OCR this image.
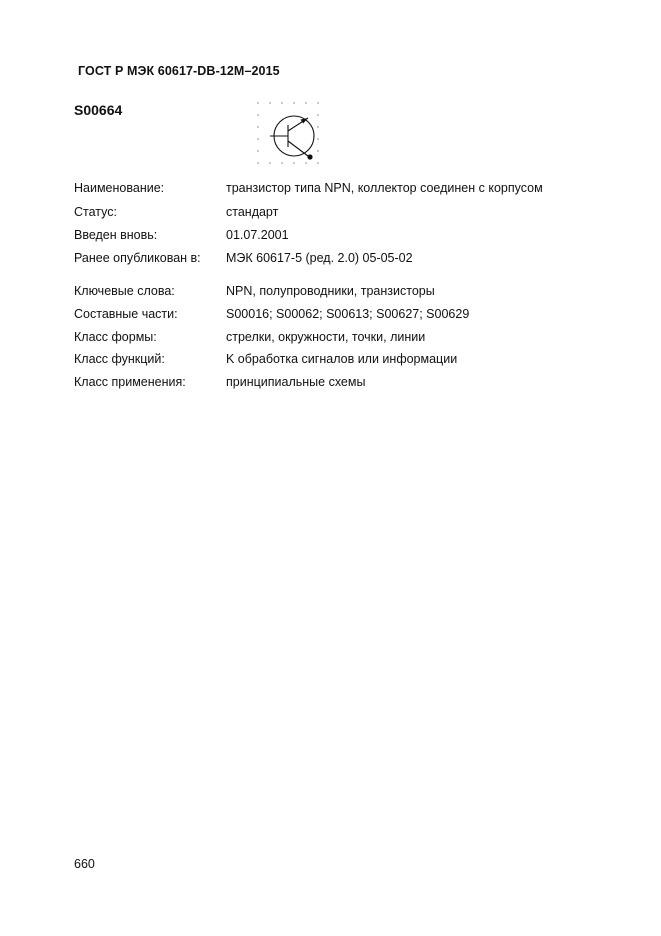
ГОСТ Р МЭК 60617-DB-12M–2015
S00664
Наименование:	транзистор типа NPN, коллектор соединен с корпусом
Статус:	стандарт
Введен вновь:	01.07.2001
Ранее опубликован в: МЭК 60617-5 (ред. 2.0) 05-05-02
Ключевые слова:	NPN, полупроводники, транзисторы
Составные части:	S00016; S00062; S00613; S00627; S00629
Класс формы:	стрелки, окружности, точки, линии
Класс функций:	K обработка сигналов или информации
Класс применения:	принципиальные схемы
660
